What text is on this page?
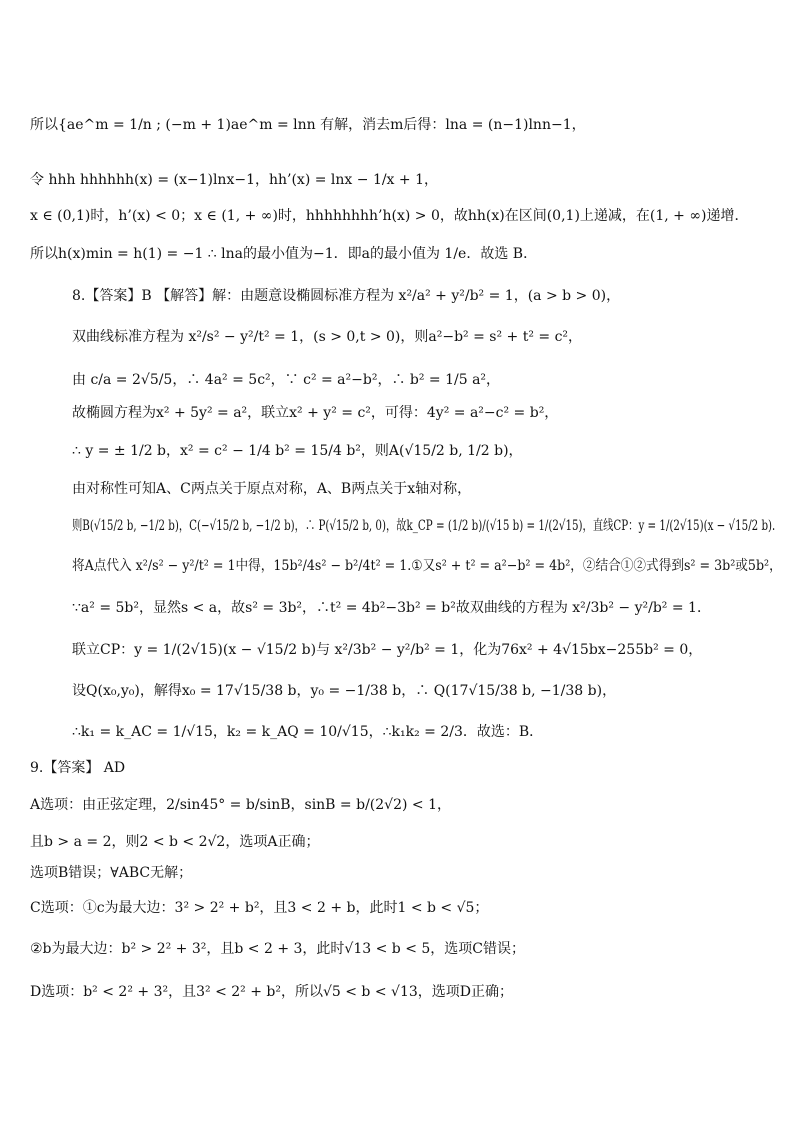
所以{ae^m = 1/n ; (−m + 1)ae^m = lnn 有解，消去m后得：lna = (n−1)lnn−1，
令 hhh hhhhhh(x) = (x−1)lnx−1，hh’(x) = lnx − 1/x + 1，
x ∈ (0,1)时，h’(x) < 0；x ∈ (1, + ∞)时，hhhhhhhh’h(x) > 0，故hh(x)在区间(0,1)上递减，在(1, + ∞)递增．
所以h(x)min = h(1) = −1 ∴ lna的最小值为−1．即a的最小值为 1/e．故选 B．
8.【答案】B 【解答】解：由题意设椭圆标准方程为 x²/a² + y²/b² = 1，(a > b > 0)，
双曲线标准方程为 x²/s² − y²/t² = 1，(s > 0,t > 0)，则a²−b² = s² + t² = c²，
由 c/a = 2√5/5，∴ 4a² = 5c²，∵ c² = a²−b²，∴ b² = 1/5 a²，
故椭圆方程为x² + 5y² = a²，联立x² + y² = c²，可得：4y² = a²−c² = b²，
∴ y = ± 1/2 b，x² = c² − 1/4 b² = 15/4 b²，则A(√15/2 b, 1/2 b)，
由对称性可知A、C两点关于原点对称，A、B两点关于x轴对称，
则B(√15/2 b, −1/2 b)，C(−√15/2 b, −1/2 b)，∴ P(√15/2 b, 0)，故k_CP = (1/2 b)/(√15 b) = 1/(2√15)，直线CP：y = 1/(2√15)(x − √15/2 b)．
将A点代入 x²/s² − y²/t² = 1中得，15b²/4s² − b²/4t² = 1.①又s² + t² = a²−b² = 4b²，②结合①②式得到s² = 3b²或5b²，
∵a² = 5b²，显然s < a，故s² = 3b²，∴t² = 4b²−3b² = b²故双曲线的方程为 x²/3b² − y²/b² = 1．
联立CP：y = 1/(2√15)(x − √15/2 b)与 x²/3b² − y²/b² = 1，化为76x² + 4√15bx−255b² = 0，
设Q(x₀,y₀)，解得x₀ = 17√15/38 b，y₀ = −1/38 b，∴ Q(17√15/38 b, −1/38 b)，
∴k₁ = k_AC = 1/√15，k₂ = k_AQ = 10/√15，∴k₁k₂ = 2/3．故选：B．
9.【答案】 AD
A选项：由正弦定理，2/sin45° = b/sinB，sinB = b/(2√2) < 1，
且b > a = 2，则2 < b < 2√2，选项A正确；
选项B错误；∀ABC无解；
C选项：①c为最大边：3² > 2² + b²，且3 < 2 + b，此时1 < b < √5；
②b为最大边：b² > 2² + 3²，且b < 2 + 3，此时√13 < b < 5，选项C错误；
D选项：b² < 2² + 3²，且3² < 2² + b²，所以√5 < b < √13，选项D正确；
